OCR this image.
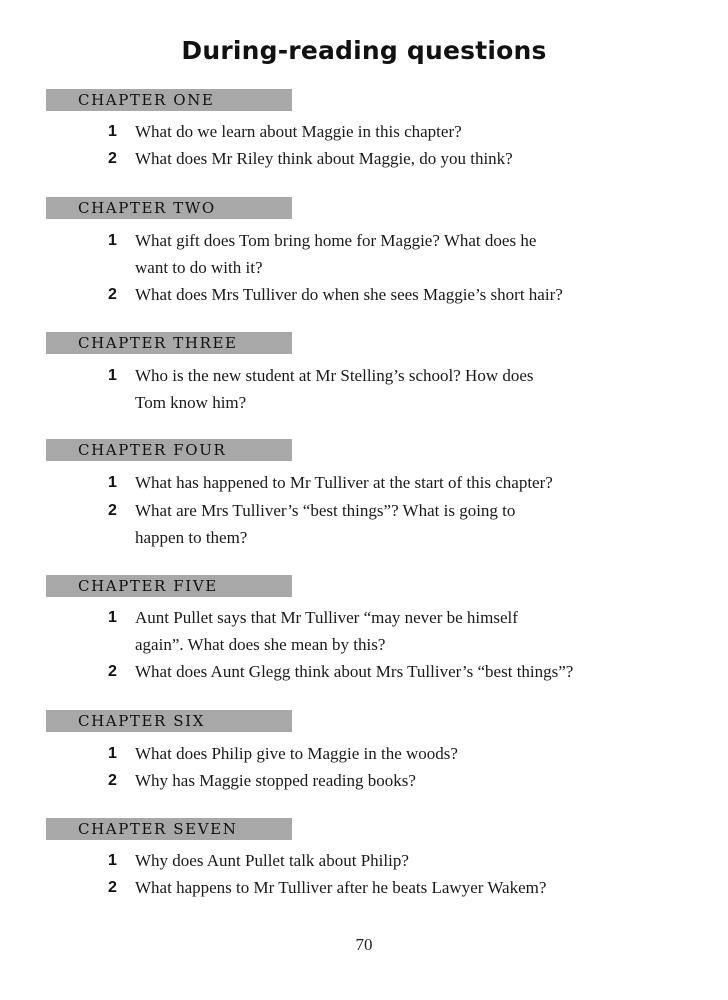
During-reading questions
CHAPTER ONE
1	What do we learn about Maggie in this chapter?
2	What does Mr Riley think about Maggie, do you think?
CHAPTER TWO
1	What gift does Tom bring home for Maggie? What does he
want to do with it?
2	What does Mrs Tulliver do when she sees Maggie’s short hair?
CHAPTER THREE
1	Who is the new student at Mr Stelling’s school? How does
Tom know him?
CHAPTER FOUR
1	What has happened to Mr Tulliver at the start of this chapter?
2	What are Mrs Tulliver’s “best things”? What is going to
happen to them?
CHAPTER FIVE
1	Aunt Pullet says that Mr Tulliver “may never be himself
again”. What does she mean by this?
2	What does Aunt Glegg think about Mrs Tulliver’s “best things”?
CHAPTER SIX
1	What does Philip give to Maggie in the woods?
2	Why has Maggie stopped reading books?
CHAPTER SEVEN
1	Why does Aunt Pullet talk about Philip?
2	What happens to Mr Tulliver after he beats Lawyer Wakem?
70
